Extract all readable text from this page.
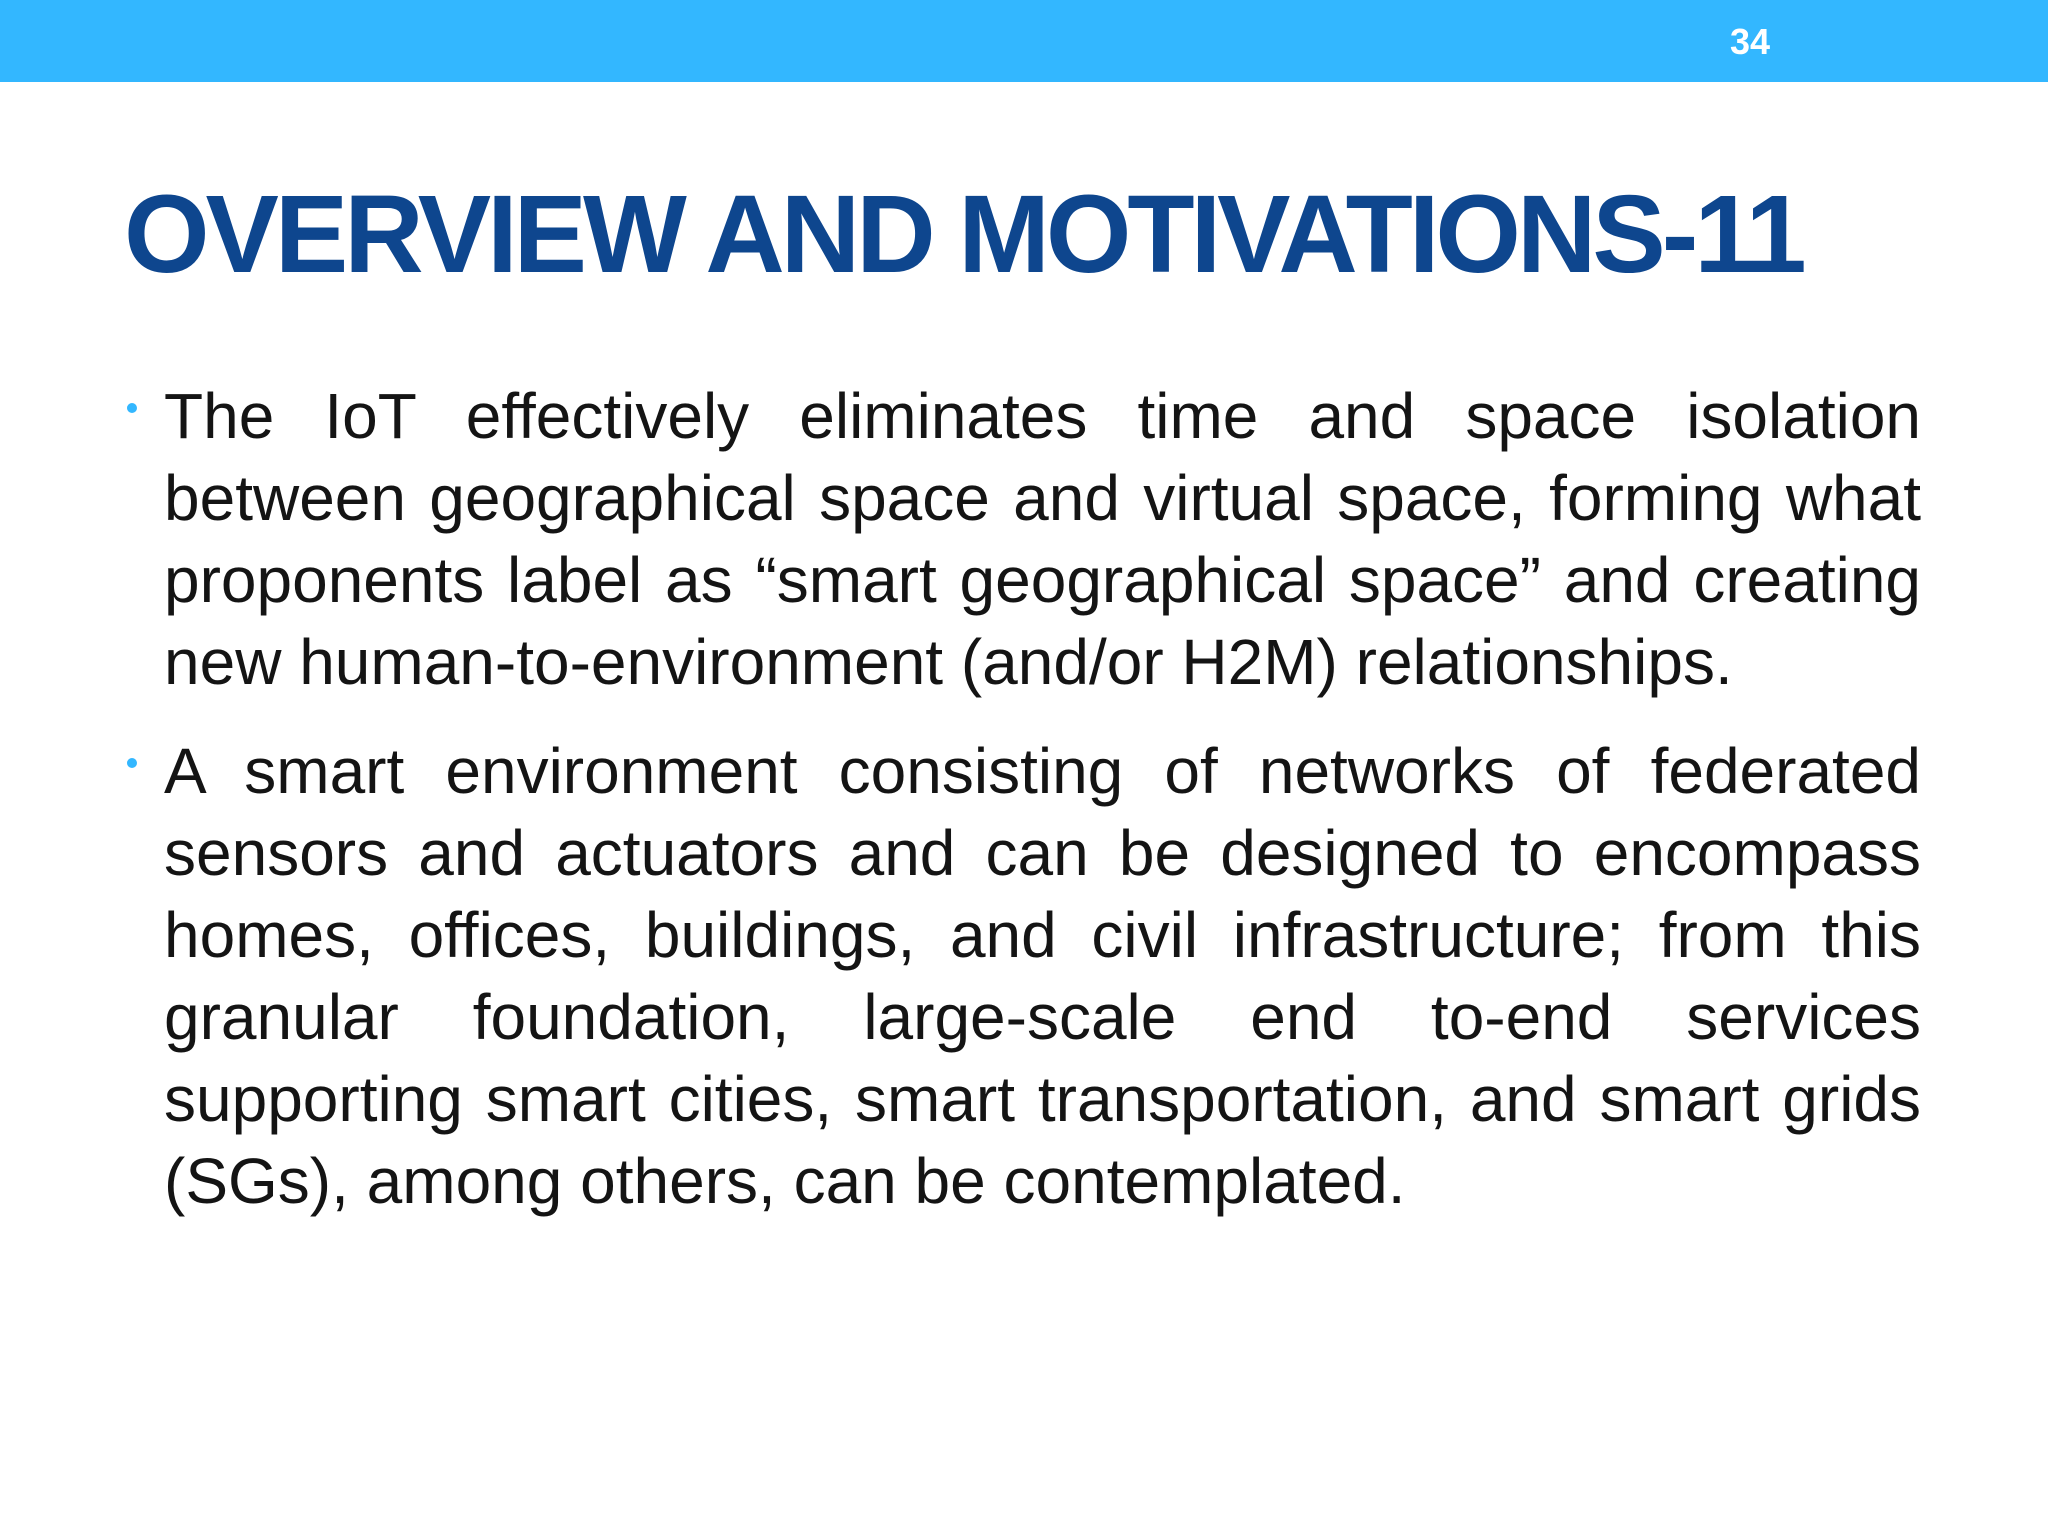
34
OVERVIEW AND MOTIVATIONS-11
The IoT effectively eliminates time and space isolation between geographical space and virtual space, forming what proponents label as “smart geographical space” and creating new human-to-environment (and/or H2M) relationships.
A smart environment consisting of networks of federated sensors and actuators and can be designed to encompass homes, offices, buildings, and civil infrastructure; from this granular foundation, large-scale end to-end services supporting smart cities, smart transportation, and smart grids (SGs), among others, can be contemplated.
